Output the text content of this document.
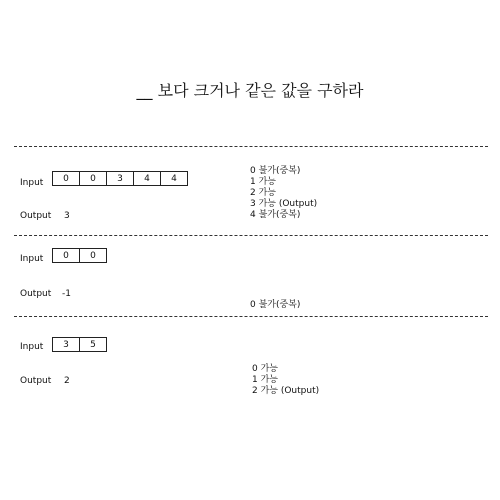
__ 보다 크거나 같은 값을 구하라
Input	0	0	3	4	4
Output 3
0 불가(중복)
1 가능
2 가능
3 가능 (Output)
4 불가(중복)
Input	0	0
Output -1
0 불가(중복)
Input	3	5
Output 2
0 가능
1 가능
2 가능 (Output)
